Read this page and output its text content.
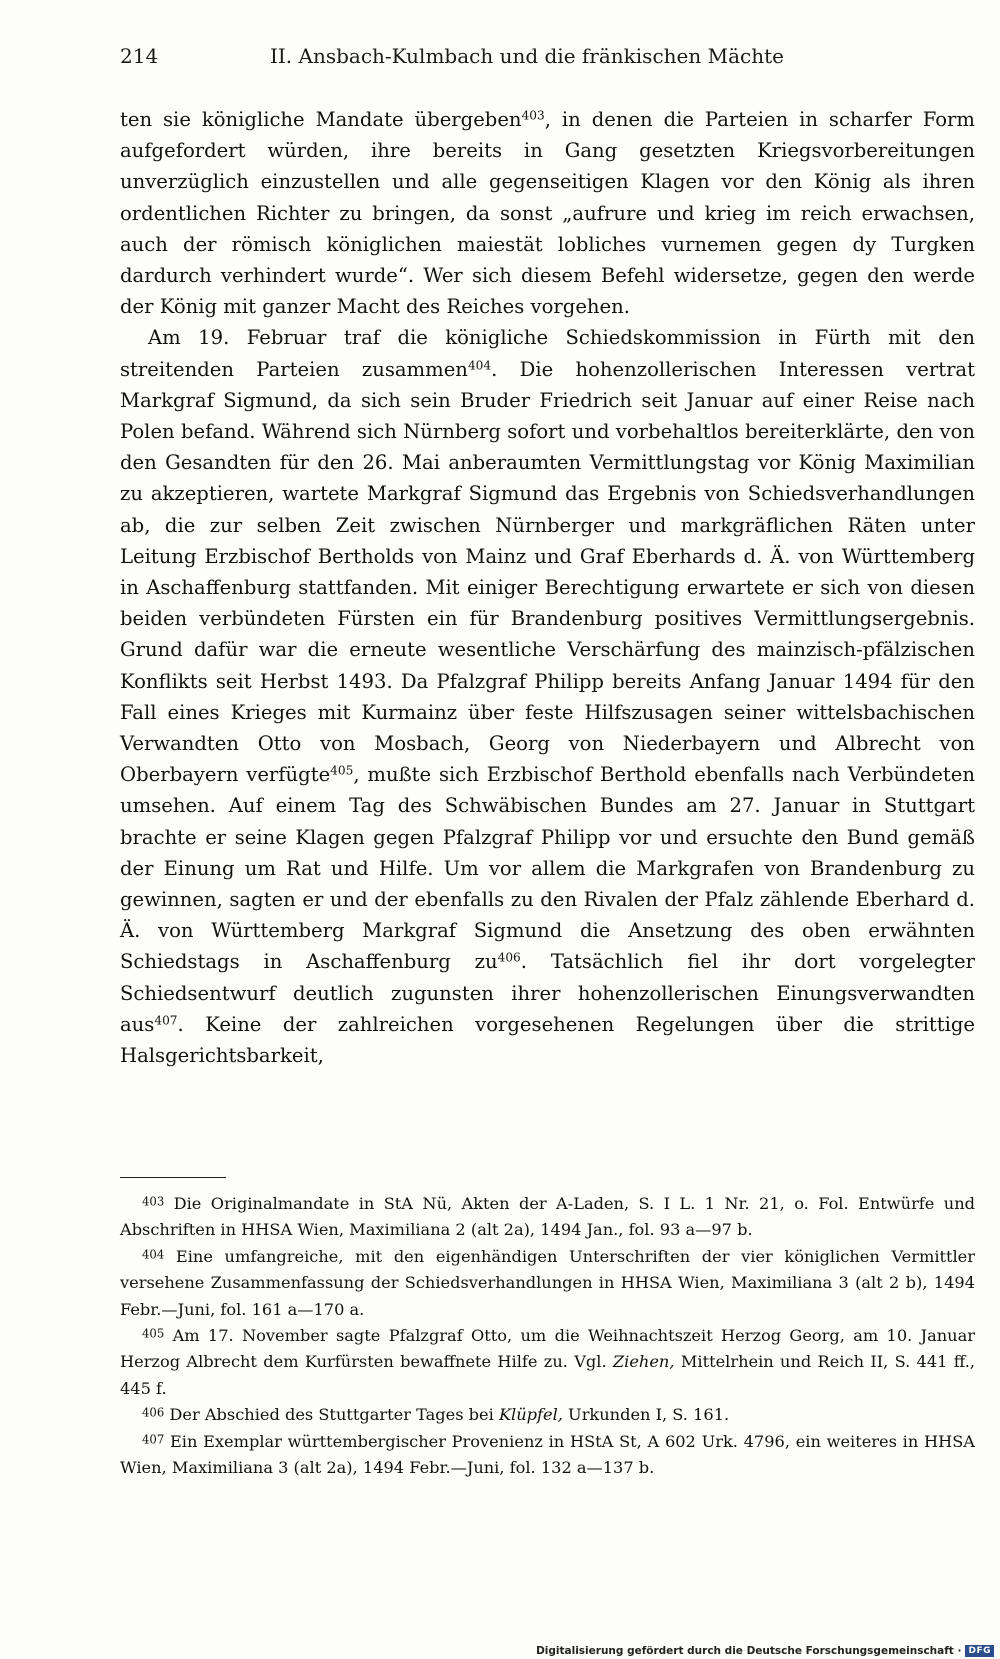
214	II. Ansbach-Kulmbach und die fränkischen Mächte

ten sie königliche Mandate übergeben$^{403}$, in denen die Parteien in scharfer Form aufgefordert würden, ihre bereits in Gang gesetzten Kriegsvorbereitungen unverzüglich einzustellen und alle gegenseitigen Klagen vor den König als ihren ordentlichen Richter zu bringen, da sonst „aufrure und krieg im reich erwachsen, auch der römisch königlichen maiestät lobliches vurnemen gegen dy Turgken dardurch verhindert wurde“. Wer sich diesem Befehl widersetze, gegen den werde der König mit ganzer Macht des Reiches vorgehen.

Am 19. Februar traf die königliche Schiedskommission in Fürth mit den streitenden Parteien zusammen$^{404}$. Die hohenzollerischen Interessen vertrat Markgraf Sigmund, da sich sein Bruder Friedrich seit Januar auf einer Reise nach Polen befand. Während sich Nürnberg sofort und vorbehaltlos bereiterklärte, den von den Gesandten für den 26. Mai anberaumten Vermittlungstag vor König Maximilian zu akzeptieren, wartete Markgraf Sigmund das Ergebnis von Schiedsverhandlungen ab, die zur selben Zeit zwischen Nürnberger und markgräflichen Räten unter Leitung Erzbischof Bertholds von Mainz und Graf Eberhards d. Ä. von Württemberg in Aschaffenburg stattfanden. Mit einiger Berechtigung erwartete er sich von diesen beiden verbündeten Fürsten ein für Brandenburg positives Vermittlungsergebnis. Grund dafür war die erneute wesentliche Verschärfung des mainzisch-pfälzischen Konflikts seit Herbst 1493. Da Pfalzgraf Philipp bereits Anfang Januar 1494 für den Fall eines Krieges mit Kurmainz über feste Hilfszusagen seiner wittelsbachischen Verwandten Otto von Mosbach, Georg von Niederbayern und Albrecht von Oberbayern verfügte$^{405}$, mußte sich Erzbischof Berthold ebenfalls nach Verbündeten umsehen. Auf einem Tag des Schwäbischen Bundes am 27. Januar in Stuttgart brachte er seine Klagen gegen Pfalzgraf Philipp vor und ersuchte den Bund gemäß der Einung um Rat und Hilfe. Um vor allem die Markgrafen von Brandenburg zu gewinnen, sagten er und der ebenfalls zu den Rivalen der Pfalz zählende Eberhard d. Ä. von Württemberg Markgraf Sigmund die Ansetzung des oben erwähnten Schiedstags in Aschaffenburg $zu^{406}$. Tatsächlich fiel ihr dort vorgelegter Schiedsentwurf deutlich zugunsten ihrer hohenzollerischen Einungsverwandten aus$^{407}$. Keine der zahlreichen vorgesehenen Regelungen über die strittige Halsgerichtsbarkeit,

$^{403}$ Die Originalmandate in StA Nü, Akten der A-Laden, S. I L. 1 Nr. 21, o. Fol. Entwürfe und Abschriften in HHSA Wien, Maximiliana 2 (alt 2a), 1494 Jan., fol. 93 a—97 b.

$^{404}$ Eine umfangreiche, mit den eigenhändigen Unterschriften der vier königlichen Vermittler versehene Zusammenfassung der Schiedsverhandlungen in HHSA Wien, Maximiliana 3 (alt 2 b), 1494 Febr.—Juni, fol. 161 a—170 a.

$^{405}$ Am 17. November sagte Pfalzgraf Otto, um die Weihnachtszeit Herzog Georg, am 10. Januar Herzog Albrecht dem Kurfürsten bewaffnete Hilfe zu. Vgl. Ziehen, Mittelrhein und Reich II, S. 441 ff., 445 f.

$^{406}$ Der Abschied des Stuttgarter Tages bei Klüpfel, Urkunden I, S. 161.

$^{407}$ Ein Exemplar württembergischer Provenienz in HStA St, A 602 Urk. 4796, ein weiteres in HHSA Wien, Maximiliana 3 (alt 2a), 1494 Febr.—Juni, fol. 132 a—137 b.

Digitalisierung gefördert durch die Deutsche Forschungsgemeinschaft · DFG
